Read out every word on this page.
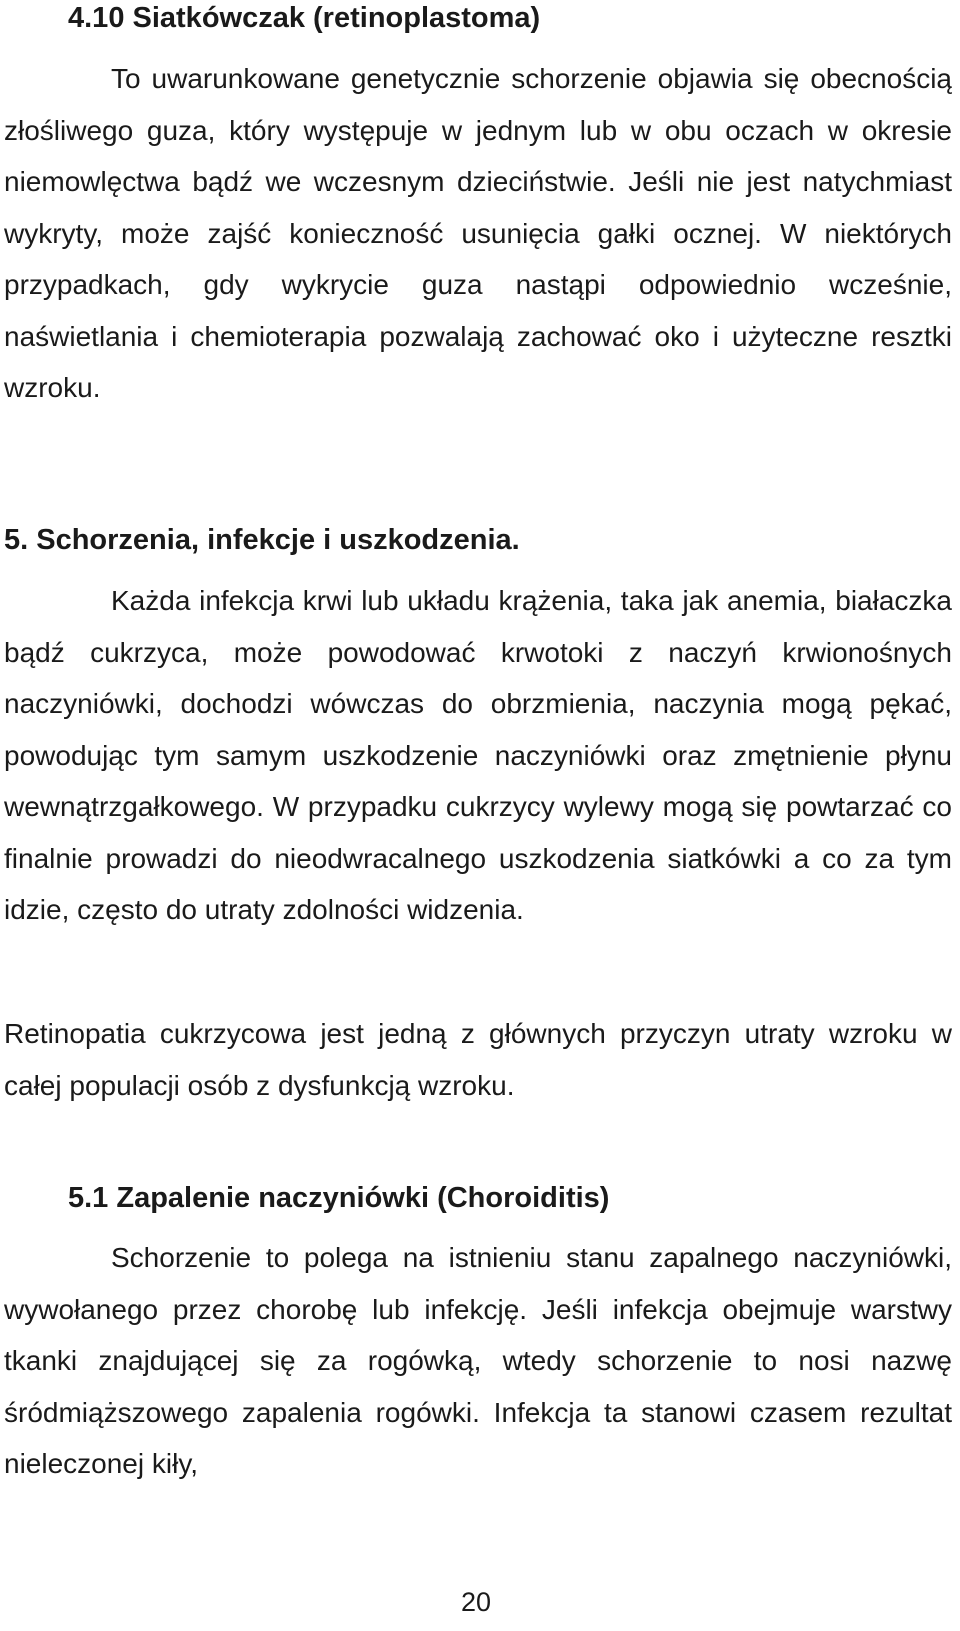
4.10 Siatkówczak (retinoplastoma)

To uwarunkowane genetycznie schorzenie objawia się obecnością złośliwego guza, który występuje w jednym lub w obu oczach w okresie niemowlęctwa bądź we wczesnym dzieciństwie. Jeśli nie jest natychmiast wykryty, może zajść konieczność usunięcia gałki ocznej. W niektórych przypadkach, gdy wykrycie guza nastąpi odpowiednio wcześnie, naświetlania i chemioterapia pozwalają zachować oko i użyteczne resztki wzroku.

5. Schorzenia, infekcje i uszkodzenia.

Każda infekcja krwi lub układu krążenia, taka jak anemia, białaczka bądź cukrzyca, może powodować krwotoki z naczyń krwionośnych naczyniówki, dochodzi wówczas do obrzmienia, naczynia mogą pękać, powodując tym samym uszkodzenie naczyniówki oraz zmętnienie płynu wewnątrzgałkowego. W przypadku cukrzycy wylewy mogą się powtarzać co finalnie prowadzi do nieodwracalnego uszkodzenia siatkówki a co za tym idzie, często do utraty zdolności widzenia.

Retinopatia cukrzycowa jest jedną z głównych przyczyn utraty wzroku w całej populacji osób z dysfunkcją wzroku.

5.1 Zapalenie naczyniówki (Choroiditis)

Schorzenie to polega na istnieniu stanu zapalnego naczyniówki, wywołanego przez chorobę lub infekcję. Jeśli infekcja obejmuje warstwy tkanki znajdującej się za rogówką, wtedy schorzenie to nosi nazwę śródmiąższowego zapalenia rogówki. Infekcja ta stanowi czasem rezultat nieleczonej kiły,

20
